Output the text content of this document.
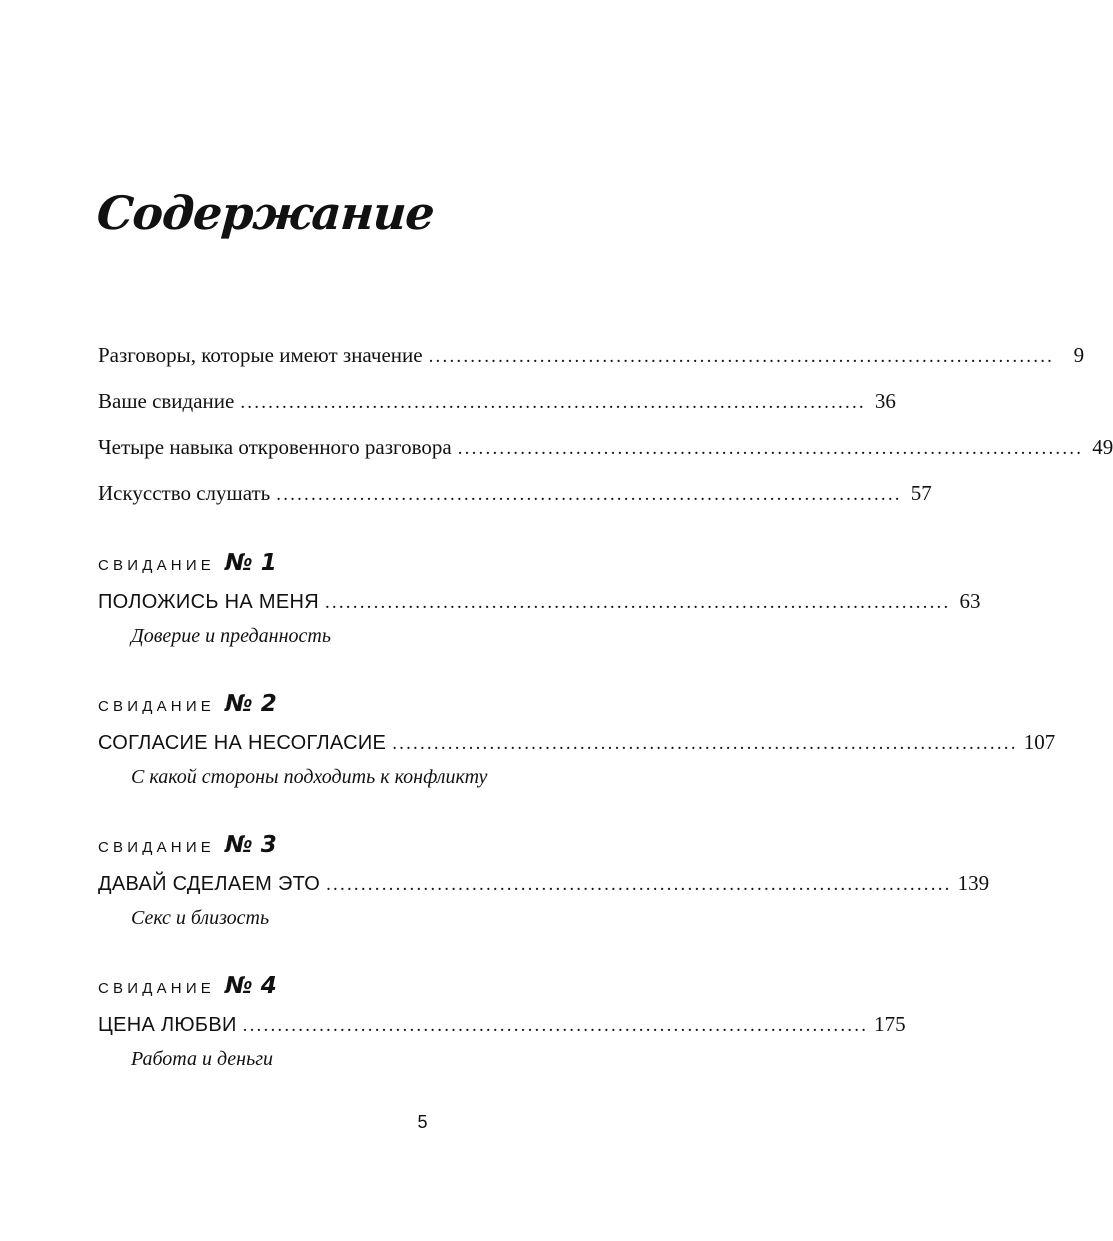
Содержание
Разговоры, которые имеют значение .......................................................................................... 9
Ваше свидание .......................................................................................... 36
Четыре навыка откровенного разговора .......................................................................................... 49
Искусство слушать .......................................................................................... 57
СВИДАНИЕ № 1
ПОЛОЖИСЬ НА МЕНЯ .......................................................................................... 63
Доверие и преданность
СВИДАНИЕ № 2
СОГЛАСИЕ НА НЕСОГЛАСИЕ .......................................................................................... 107
С какой стороны подходить к конфликту
СВИДАНИЕ № 3
ДАВАЙ СДЕЛАЕМ ЭТО .......................................................................................... 139
Секс и близость
СВИДАНИЕ № 4
ЦЕНА ЛЮБВИ .......................................................................................... 175
Работа и деньги
5
